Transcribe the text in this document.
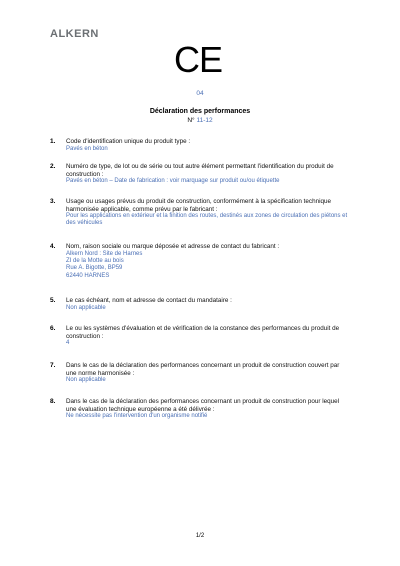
ALKERN
CE
04
Déclaration des performances
N° 11-12
1. Code d'identification unique du produit type :
Pavés en béton
2. Numéro de type, de lot ou de série ou tout autre élément permettant l'identification du produit de construction :
Pavés en béton – Date de fabrication : voir marquage sur produit ou/ou étiquette
3. Usage ou usages prévus du produit de construction, conformément à la spécification technique harmonisée applicable, comme prévu par le fabricant :
Pour les applications en extérieur et la finition des routes, destinés aux zones de circulation des piétons et des véhicules
4. Nom, raison sociale ou marque déposée et adresse de contact du fabricant :
Alkern Nord : Site de Harnes
ZI de la Motte au bois
Rue A. Bigotte, BP59
62440 HARNES
5. Le cas échéant, nom et adresse de contact du mandataire :
Non applicable
6. Le ou les systèmes d'évaluation et de vérification de la constance des performances du produit de construction :
4
7. Dans le cas de la déclaration des performances concernant un produit de construction couvert par une norme harmonisée :
Non applicable
8. Dans le cas de la déclaration des performances concernant un produit de construction pour lequel une évaluation technique européenne a été délivrée :
Ne nécessite pas l'intervention d'un organisme notifié
1/2
